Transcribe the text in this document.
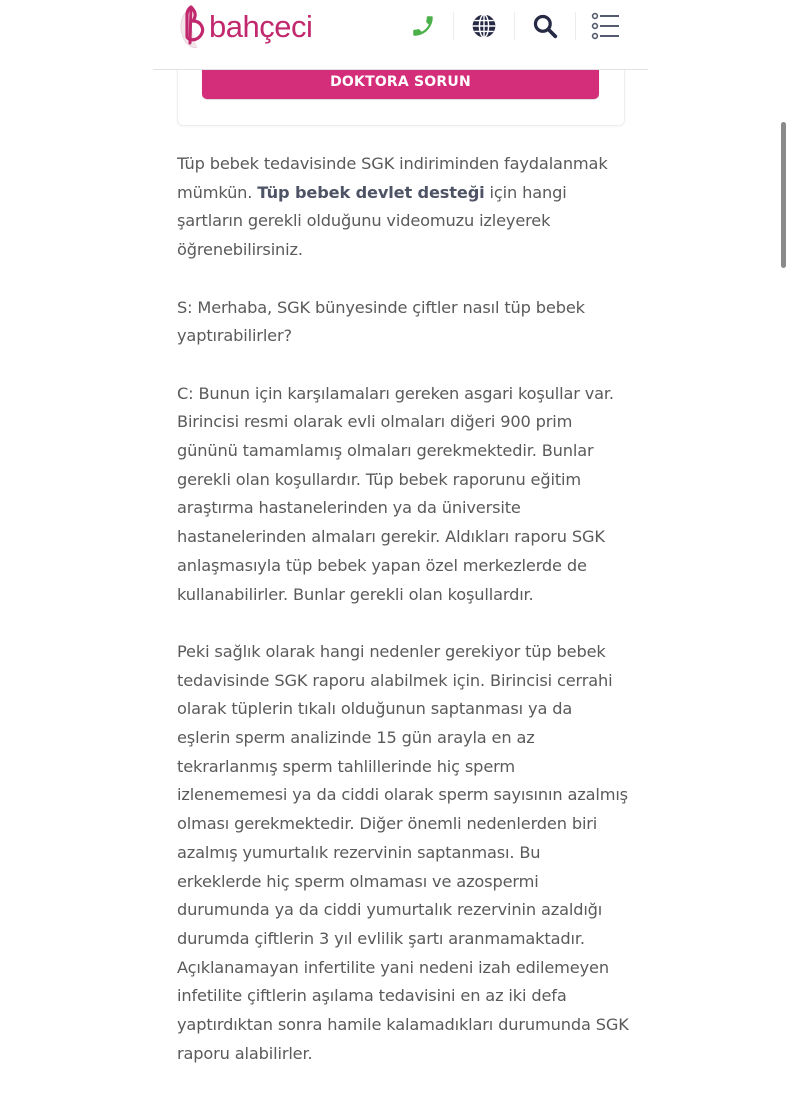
bahçeci
DOKTORA SORUN

Tüp bebek tedavisinde SGK indiriminden faydalanmak mümkün. Tüp bebek devlet desteği için hangi şartların gerekli olduğunu videomuzu izleyerek öğrenebilirsiniz.

S: Merhaba, SGK bünyesinde çiftler nasıl tüp bebek yaptırabilirler?

C: Bunun için karşılamaları gereken asgari koşullar var. Birincisi resmi olarak evli olmaları diğeri 900 prim gününü tamamlamış olmaları gerekmektedir. Bunlar gerekli olan koşullardır. Tüp bebek raporunu eğitim araştırma hastanelerinden ya da üniversite hastanelerinden almaları gerekir. Aldıkları raporu SGK anlaşmasıyla tüp bebek yapan özel merkezlerde de kullanabilirler. Bunlar gerekli olan koşullardır.

Peki sağlık olarak hangi nedenler gerekiyor tüp bebek tedavisinde SGK raporu alabilmek için. Birincisi cerrahi olarak tüplerin tıkalı olduğunun saptanması ya da eşlerin sperm analizinde 15 gün arayla en az tekrarlanmış sperm tahlillerinde hiç sperm izlenememesi ya da ciddi olarak sperm sayısının azalmış olması gerekmektedir. Diğer önemli nedenlerden biri azalmış yumurtalık rezervinin saptanması. Bu erkeklerde hiç sperm olmaması ve azospermi durumunda ya da ciddi yumurtalık rezervinin azaldığı durumda çiftlerin 3 yıl evlilik şartı aranmamaktadır. Açıklanamayan infertilite yani nedeni izah edilemeyen infetilite çiftlerin aşılama tedavisini en az iki defa yaptırdıktan sonra hamile kalamadıkları durumunda SGK raporu alabilirler.
